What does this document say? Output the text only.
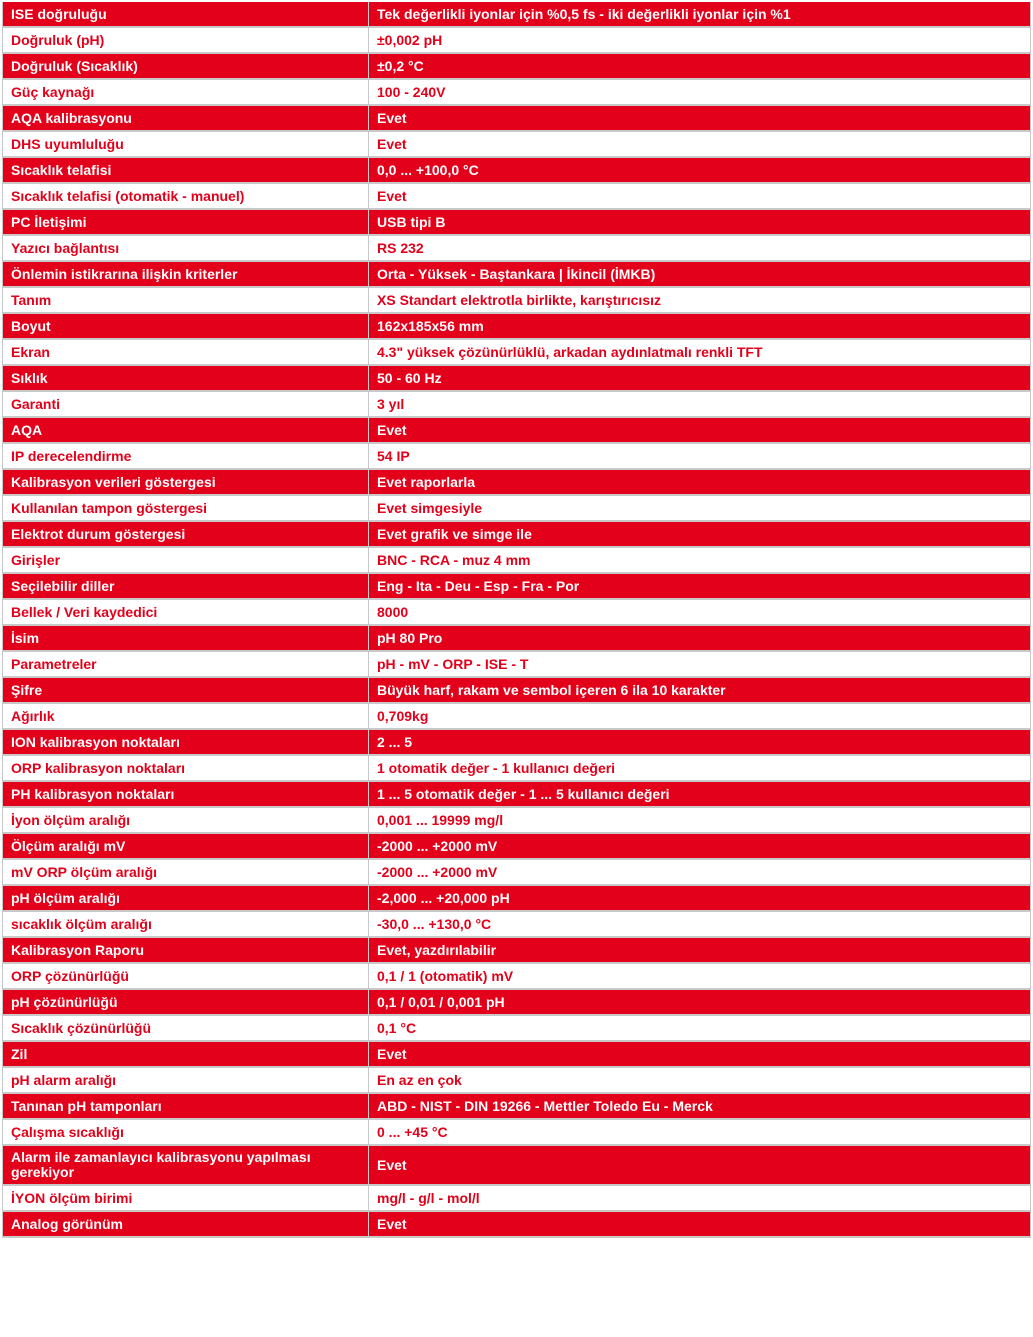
ISE doğruluğu	Tek değerlikli iyonlar için %0,5 fs - iki değerlikli iyonlar için %1
Doğruluk (pH)	±0,002 pH
Doğruluk (Sıcaklık)	±0,2 °C
Güç kaynağı	100 - 240V
AQA kalibrasyonu	Evet
DHS uyumluluğu	Evet
Sıcaklık telafisi	0,0 ... +100,0 °C
Sıcaklık telafisi (otomatik - manuel)	Evet
PC İletişimi	USB tipi B
Yazıcı bağlantısı	RS 232
Önlemin istikrarına ilişkin kriterler	Orta - Yüksek - Baştankara | İkincil (İMKB)
Tanım	XS Standart elektrotla birlikte, karıştırıcısız
Boyut	162x185x56 mm
Ekran	4.3" yüksek çözünürlüklü, arkadan aydınlatmalı renkli TFT
Sıklık	50 - 60 Hz
Garanti	3 yıl
AQA	Evet
IP derecelendirme	54 IP
Kalibrasyon verileri göstergesi	Evet raporlarla
Kullanılan tampon göstergesi	Evet simgesiyle
Elektrot durum göstergesi	Evet grafik ve simge ile
Girişler	BNC - RCA - muz 4 mm
Seçilebilir diller	Eng - Ita - Deu - Esp - Fra - Por
Bellek / Veri kaydedici	8000
İsim	pH 80 Pro
Parametreler	pH - mV - ORP - ISE - T
Şifre	Büyük harf, rakam ve sembol içeren 6 ila 10 karakter
Ağırlık	0,709kg
ION kalibrasyon noktaları	2 ... 5
ORP kalibrasyon noktaları	1 otomatik değer - 1 kullanıcı değeri
PH kalibrasyon noktaları	1 ... 5 otomatik değer - 1 ... 5 kullanıcı değeri
İyon ölçüm aralığı	0,001 ... 19999 mg/l
Ölçüm aralığı mV	-2000 ... +2000 mV
mV ORP ölçüm aralığı	-2000 ... +2000 mV
pH ölçüm aralığı	-2,000 ... +20,000 pH
sıcaklık ölçüm aralığı	-30,0 ... +130,0 °C
Kalibrasyon Raporu	Evet, yazdırılabilir
ORP çözünürlüğü	0,1 / 1 (otomatik) mV
pH çözünürlüğü	0,1 / 0,01 / 0,001 pH
Sıcaklık çözünürlüğü	0,1 °C
Zil	Evet
pH alarm aralığı	En az en çok
Tanınan pH tamponları	ABD - NIST - DIN 19266 - Mettler Toledo Eu - Merck
Çalışma sıcaklığı	0 ... +45 °C
Alarm ile zamanlayıcı kalibrasyonu yapılması gerekiyor	Evet
İYON ölçüm birimi	mg/l - g/l - mol/l
Analog görünüm	Evet
